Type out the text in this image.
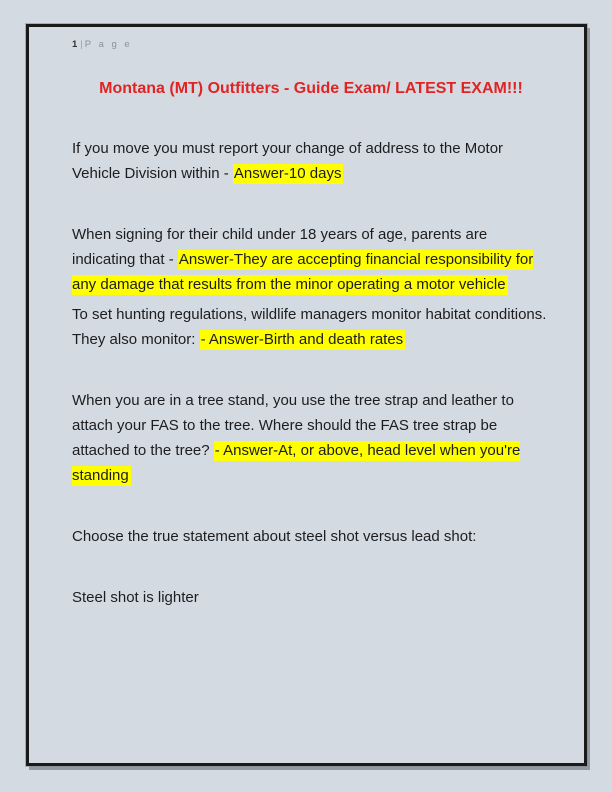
1 | P a g e
Montana (MT) Outfitters - Guide Exam/ LATEST EXAM!!!

If you move you must report your change of address to the Motor Vehicle Division within - Answer-10 days

When signing for their child under 18 years of age, parents are indicating that - Answer-They are accepting financial responsibility for any damage that results from the minor operating a motor vehicle

To set hunting regulations, wildlife managers monitor habitat conditions. They also monitor: - Answer-Birth and death rates

When you are in a tree stand, you use the tree strap and leather to attach your FAS to the tree. Where should the FAS tree strap be attached to the tree? - Answer-At, or above, head level when you're standing

Choose the true statement about steel shot versus lead shot:

Steel shot is lighter
